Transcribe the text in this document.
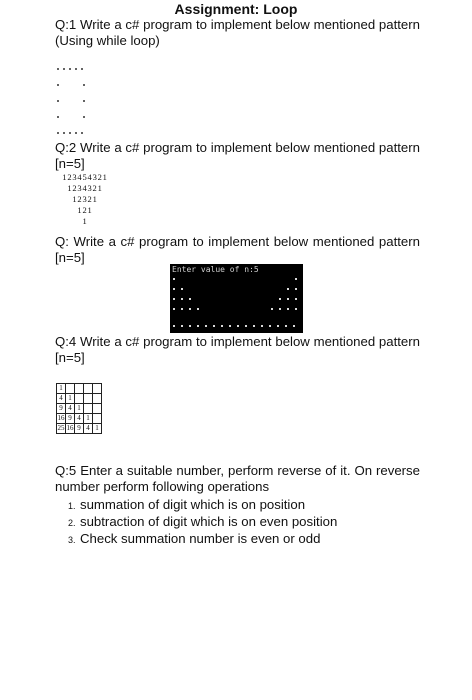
Assignment: Loop
Q:1 Write a c# program to implement below mentioned pattern (Using while loop)
Q:2 Write a c# program to implement below mentioned pattern [n=5]
123454321
1234321
12321
121
1
Q: Write a c# program to implement below mentioned pattern [n=5]
Enter value of n:5
Q:4 Write a c# program to implement below mentioned pattern [n=5]
1				
4	1			
9	4	1		
16	9	4	1	
25	16	9	4	1
Q:5 Enter a suitable number, perform reverse of it. On reverse number perform following operations
1. summation of digit which is on position
2. subtraction of digit which is on even position
3. Check summation number is even or odd
